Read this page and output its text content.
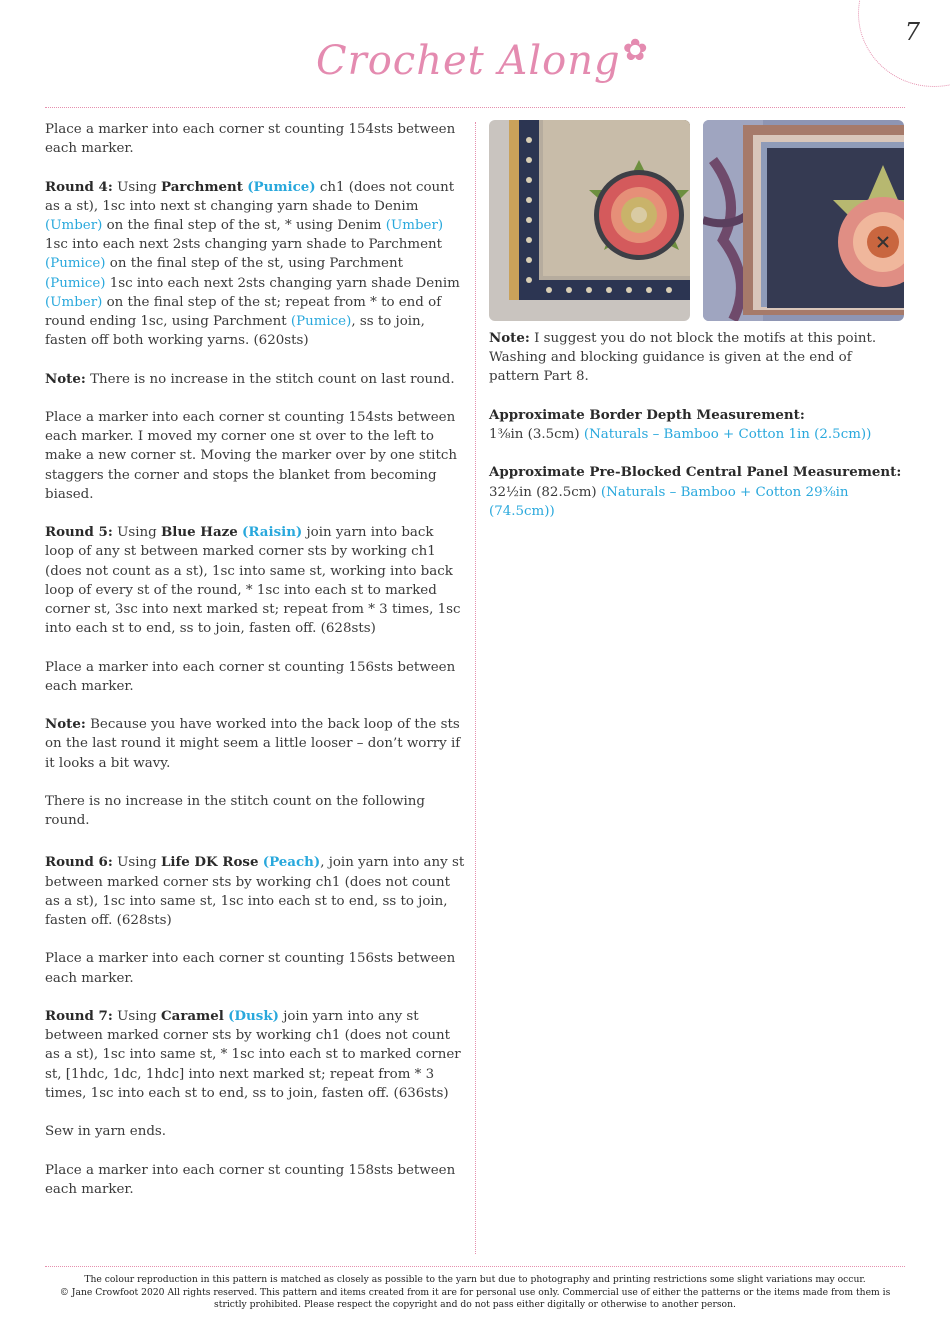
7
Crochet Along✿

Place a marker into each corner st counting 154sts between each marker.

Round 4: Using Parchment (Pumice) ch1 (does not count as a st), 1sc into next st changing yarn shade to Denim (Umber) on the final step of the st, * using Denim (Umber) 1sc into each next 2sts changing yarn shade to Parchment (Pumice) on the final step of the st, using Parchment (Pumice) 1sc into each next 2sts changing yarn shade Denim (Umber) on the final step of the st; repeat from * to end of round ending 1sc, using Parchment (Pumice), ss to join, fasten off both working yarns. (620sts)

Note: There is no increase in the stitch count on last round.

Place a marker into each corner st counting 154sts between each marker. I moved my corner one st over to the left to make a new corner st. Moving the marker over by one stitch staggers the corner and stops the blanket from becoming biased.

Round 5: Using Blue Haze (Raisin) join yarn into back loop of any st between marked corner sts by working ch1 (does not count as a st), 1sc into same st, working into back loop of every st of the round, * 1sc into each st to marked corner st, 3sc into next marked st; repeat from * 3 times, 1sc into each st to end, ss to join, fasten off. (628sts)

Place a marker into each corner st counting 156sts between each marker.

Note: Because you have worked into the back loop of the sts on the last round it might seem a little looser – don’t worry if it looks a bit wavy.

There is no increase in the stitch count on the following round.

Round 6: Using Life DK Rose (Peach), join yarn into any st between marked corner sts by working ch1 (does not count as a st), 1sc into same st, 1sc into each st to end, ss to join, fasten off. (628sts)

Place a marker into each corner st counting 156sts between each marker.

Round 7: Using Caramel (Dusk) join yarn into any st between marked corner sts by working ch1 (does not count as a st), 1sc into same st, * 1sc into each st to marked corner st, [1hdc, 1dc, 1hdc] into next marked st; repeat from * 3 times, 1sc into each st to end, ss to join, fasten off. (636sts)

Sew in yarn ends.

Place a marker into each corner st counting 158sts between each marker.

Note: I suggest you do not block the motifs at this point. Washing and blocking guidance is given at the end of pattern Part 8.

Approximate Border Depth Measurement:
1⅜in (3.5cm) (Naturals – Bamboo + Cotton 1in (2.5cm))

Approximate Pre-Blocked Central Panel Measurement:
32½in (82.5cm) (Naturals – Bamboo + Cotton 29⅜in (74.5cm))

The colour reproduction in this pattern is matched as closely as possible to the yarn but due to photography and printing restrictions some slight variations may occur.
© Jane Crowfoot 2020 All rights reserved. This pattern and items created from it are for personal use only. Commercial use of either the patterns or the items made from them is
strictly prohibited. Please respect the copyright and do not pass either digitally or otherwise to another person.
